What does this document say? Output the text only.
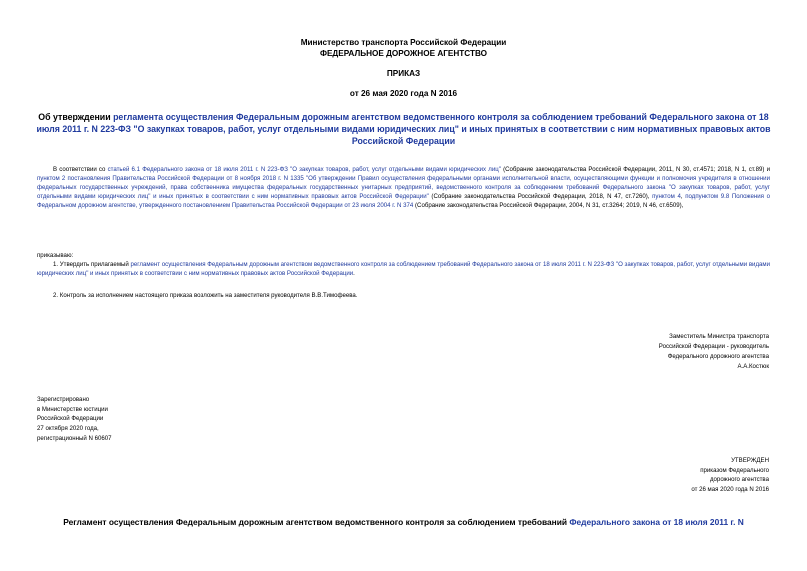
Министерство транспорта Российской Федерации
ФЕДЕРАЛЬНОЕ ДОРОЖНОЕ АГЕНТСТВО
ПРИКАЗ
от 26 мая 2020 года N 2016
Об утверждении регламента осуществления Федеральным дорожным агентством ведомственного контроля за соблюдением требований Федерального закона от 18 июля 2011 г. N 223-ФЗ "О закупках товаров, работ, услуг отдельными видами юридических лиц" и иных принятых в соответствии с ним нормативных правовых актов Российской Федерации
В соответствии со статьей 6.1 Федерального закона от 18 июля 2011 г. N 223-ФЗ "О закупках товаров, работ, услуг отдельными видами юридических лиц" (Собрание законодательства Российской Федерации, 2011, N 30, ст.4571; 2018, N 1, ст.89) и пунктом 2 постановления Правительства Российской Федерации от 8 ноября 2018 г. N 1335 "Об утверждении Правил осуществления федеральными органами исполнительной власти, осуществляющими функции и полномочия учредителя в отношении федеральных государственных учреждений, права собственника имущества федеральных государственных унитарных предприятий, ведомственного контроля за соблюдением требований Федерального закона "О закупках товаров, работ, услуг отдельными видами юридических лиц" и иных принятых в соответствии с ним нормативных правовых актов Российской Федерации" (Собрание законодательства Российской Федерации, 2018, N 47, ст.7260), пунктом 4, подпунктом 9.8 Положения о Федеральном дорожном агентстве, утвержденного постановлением Правительства Российской Федерации от 23 июля 2004 г. N 374 (Собрание законодательства Российской Федерации, 2004, N 31, ст.3264; 2019, N 46, ст.6509),
приказываю:
1. Утвердить прилагаемый регламент осуществления Федеральным дорожным агентством ведомственного контроля за соблюдением требований Федерального закона от 18 июля 2011 г. N 223-ФЗ "О закупках товаров, работ, услуг отдельными видами юридических лиц" и иных принятых в соответствии с ним нормативных правовых актов Российской Федерации.
2. Контроль за исполнением настоящего приказа возложить на заместителя руководителя В.В.Тимофеева.
Заместитель Министра транспорта
Российской Федерации - руководитель
Федерального дорожного агентства
А.А.Костюк
Зарегистрировано
в Министерстве юстиции
Российской Федерации
27 октября 2020 года,
регистрационный N 60607
УТВЕРЖДЕН
приказом Федерального
дорожного агентства
от 26 мая 2020 года N 2016
Регламент осуществления Федеральным дорожным агентством ведомственного контроля за соблюдением требований Федерального закона от 18 июля 2011 г. N
